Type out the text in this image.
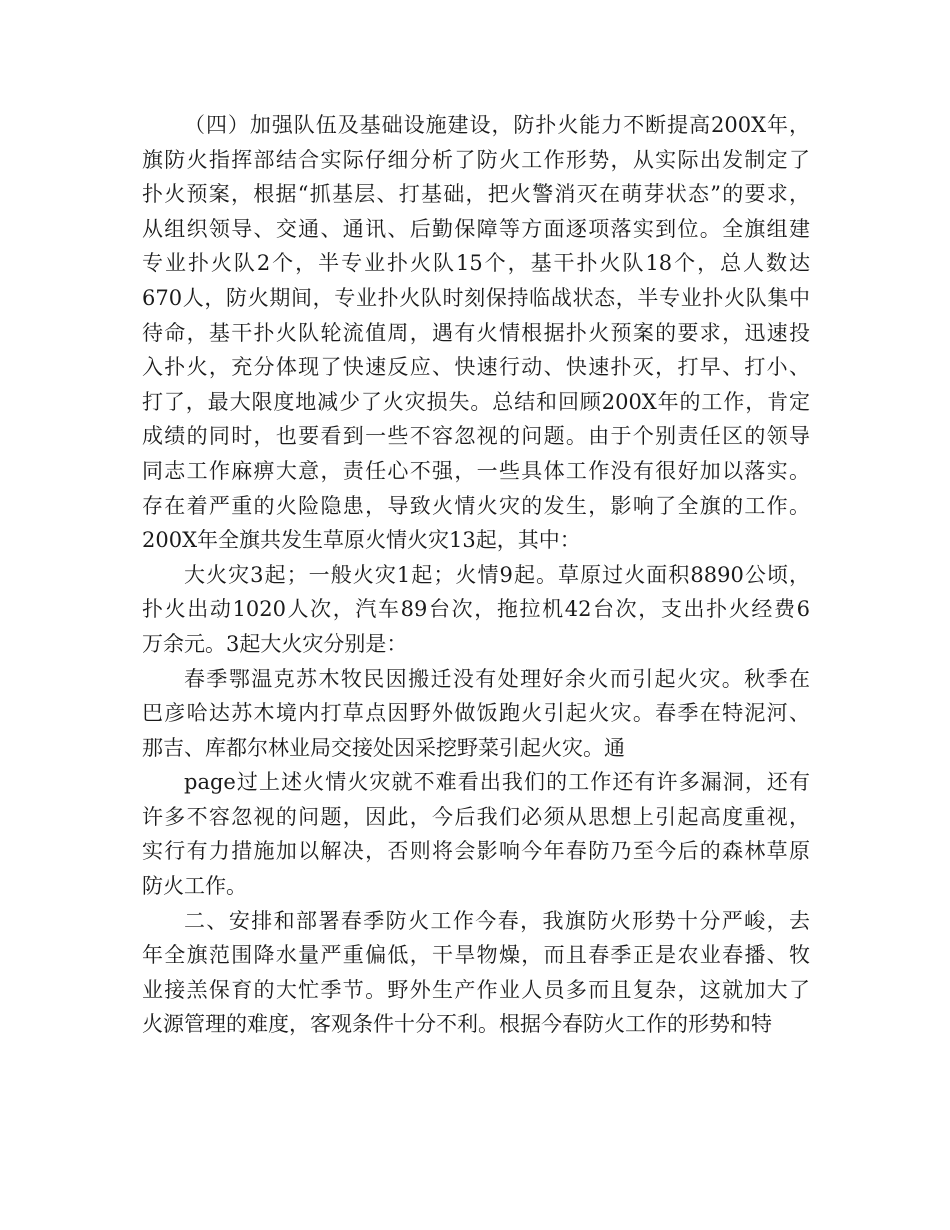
（四）加强队伍及基础设施建设，防扑火能力不断提高200X年，
旗防火指挥部结合实际仔细分析了防火工作形势，从实际出发制定了
扑火预案，根据“抓基层、打基础，把火警消灭在萌芽状态”的要求，
从组织领导、交通、通讯、后勤保障等方面逐项落实到位。全旗组建
专业扑火队2个，半专业扑火队15个，基干扑火队18个，总人数达
670人，防火期间，专业扑火队时刻保持临战状态，半专业扑火队集中
待命，基干扑火队轮流值周，遇有火情根据扑火预案的要求，迅速投
入扑火，充分体现了快速反应、快速行动、快速扑灭，打早、打小、
打了，最大限度地减少了火灾损失。总结和回顾200X年的工作，肯定
成绩的同时，也要看到一些不容忽视的问题。由于个别责任区的领导
同志工作麻痹大意，责任心不强，一些具体工作没有很好加以落实。
存在着严重的火险隐患，导致火情火灾的发生，影响了全旗的工作。
200X年全旗共发生草原火情火灾13起，其中：
大火灾3起；一般火灾1起；火情9起。草原过火面积8890公顷，
扑火出动1020人次，汽车89台次，拖拉机42台次，支出扑火经费6
万余元。3起大火灾分别是：
春季鄂温克苏木牧民因搬迁没有处理好余火而引起火灾。秋季在
巴彦哈达苏木境内打草点因野外做饭跑火引起火灾。春季在特泥河、
那吉、库都尔林业局交接处因采挖野菜引起火灾。通
page过上述火情火灾就不难看出我们的工作还有许多漏洞，还有
许多不容忽视的问题，因此，今后我们必须从思想上引起高度重视，
实行有力措施加以解决，否则将会影响今年春防乃至今后的森林草原
防火工作。
二、安排和部署春季防火工作今春，我旗防火形势十分严峻，去
年全旗范围降水量严重偏低，干旱物燥，而且春季正是农业春播、牧
业接羔保育的大忙季节。野外生产作业人员多而且复杂，这就加大了
火源管理的难度，客观条件十分不利。根据今春防火工作的形势和特
